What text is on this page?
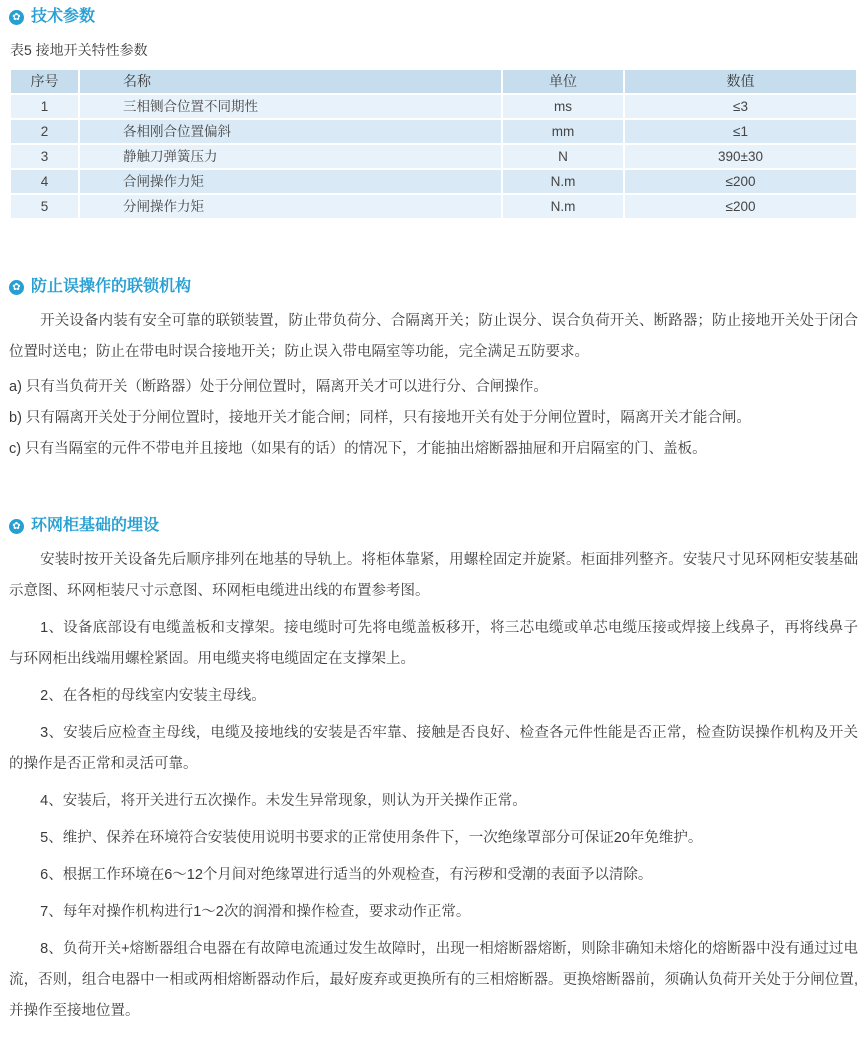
✿ 技术参数
表5 接地开关特性参数
序号	名称	单位	数值
1	三相铡合位置不同期性	ms	≤3
2	各相刚合位置偏斜	mm	≤1
3	静触刀弹簧压力	N	390±30
4	合闸操作力矩	N.m	≤200
5	分闸操作力矩	N.m	≤200
✿ 防止误操作的联锁机构

开关设备内装有安全可靠的联锁装置，防止带负荷分、合隔离开关；防止误分、误合负荷开关、断路器；防止接地开关处于闭合位置时送电；防止在带电时误合接地开关；防止误入带电隔室等功能，完全满足五防要求。

a) 只有当负荷开关（断路器）处于分闸位置时，隔离开关才可以进行分、合闸操作。

b) 只有隔离开关处于分闸位置时，接地开关才能合闸；同样，只有接地开关有处于分闸位置时，隔离开关才能合闸。

c) 只有当隔室的元件不带电并且接地（如果有的话）的情况下，才能抽出熔断器抽屉和开启隔室的门、盖板。

✿ 环网柜基础的埋设

安装时按开关设备先后顺序排列在地基的导轨上。将柜体靠紧，用螺栓固定并旋紧。柜面排列整齐。安装尺寸见环网柜安装基础示意图、环网柜装尺寸示意图、环网柜电缆进出线的布置参考图。

1、设备底部设有电缆盖板和支撑架。接电缆时可先将电缆盖板移开，将三芯电缆或单芯电缆压接或焊接上线鼻子，再将线鼻子与环网柜出线端用螺栓紧固。用电缆夹将电缆固定在支撑架上。

2、在各柜的母线室内安装主母线。

3、安装后应检查主母线，电缆及接地线的安装是否牢靠、接触是否良好、检查各元件性能是否正常，检查防误操作机构及开关的操作是否正常和灵活可靠。

4、安装后，将开关进行五次操作。未发生异常现象，则认为开关操作正常。

5、维护、保养在环境符合安装使用说明书要求的正常使用条件下，一次绝缘罩部分可保证20年免维护。

6、根据工作环境在6～12个月间对绝缘罩进行适当的外观检查，有污秽和受潮的表面予以清除。

7、每年对操作机构进行1～2次的润滑和操作检查，要求动作正常。

8、负荷开关+熔断器组合电器在有故障电流通过发生故障时，出现一相熔断器熔断，则除非确知未熔化的熔断器中没有通过过电流，否则，组合电器中一相或两相熔断器动作后，最好废弃或更换所有的三相熔断器。更换熔断器前，须确认负荷开关处于分闸位置,并操作至接地位置。
